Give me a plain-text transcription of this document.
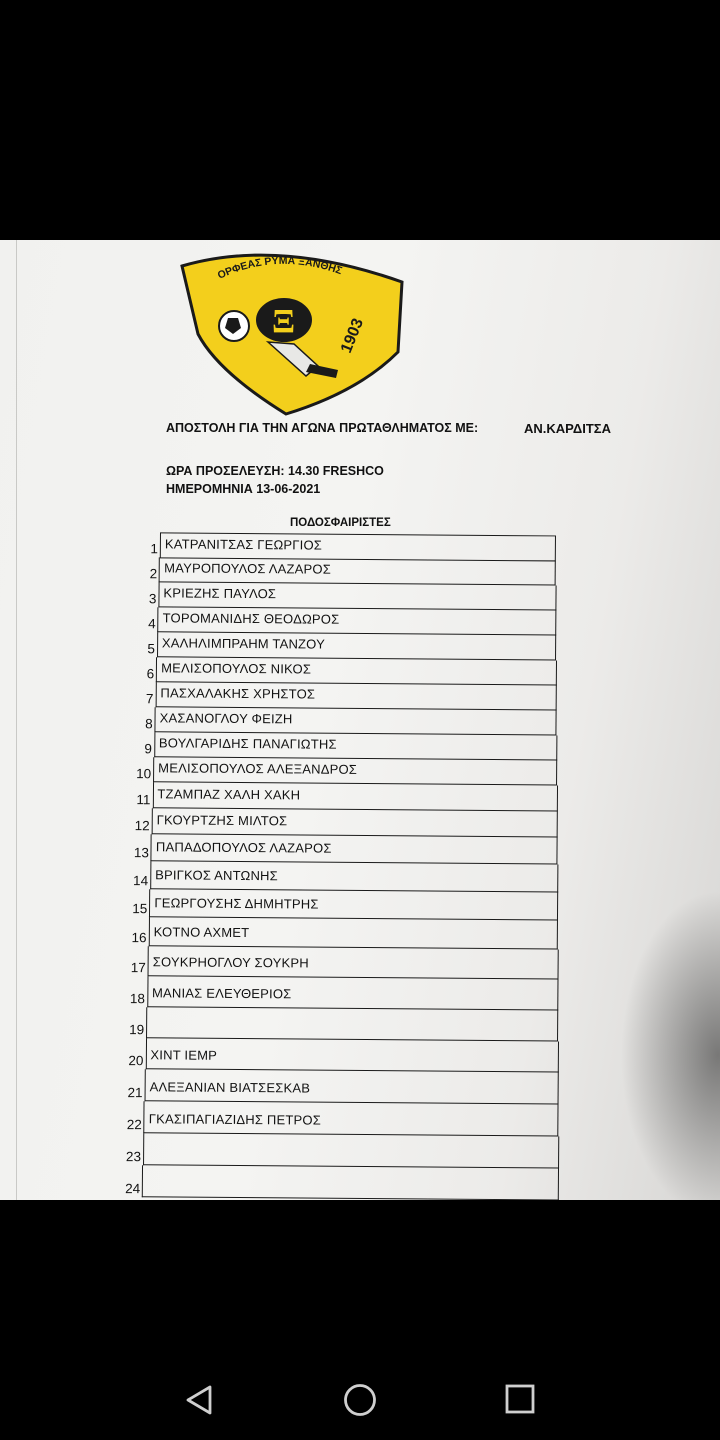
ΟΡΦΕΑΣ ΡΥΜΑ ΞΑΝΘΗΣ
Ξ	1903
ΑΠΟΣΤΟΛΗ ΓΙΑ ΤΗΝ ΑΓΩΝΑ ΠΡΩΤΑΘΛΗΜΑΤΟΣ ΜΕ:	ΑΝ.ΚΑΡΔΙΤΣΑ
ΩΡΑ ΠΡΟΣΕΛΕΥΣΗ: 14.30 FRESHCO
ΗΜΕΡΟΜΗΝΙΑ 13-06-2021
ΠΟΔΟΣΦΑΙΡΙΣΤΕΣ
1 ΚΑΤΡΑΝΙΤΣΑΣ ΓΕΩΡΓΙΟΣ
2 ΜΑΥΡΟΠΟΥΛΟΣ ΛΑΖΑΡΟΣ
3 ΚΡΙΕΖΗΣ ΠΑΥΛΟΣ
4 ΤΟΡΟΜΑΝΙΔΗΣ ΘΕΟΔΩΡΟΣ
5 ΧΑΛΗΛΙΜΠΡΑΗΜ ΤΑΝΖΟΥ
6 ΜΕΛΙΣΟΠΟΥΛΟΣ ΝΙΚΟΣ
7 ΠΑΣΧΑΛΑΚΗΣ ΧΡΗΣΤΟΣ
8 ΧΑΣΑΝΟΓΛΟΥ ΦΕΙΖΗ
9 ΒΟΥΛΓΑΡΙΔΗΣ ΠΑΝΑΓΙΩΤΗΣ
10 ΜΕΛΙΣΟΠΟΥΛΟΣ ΑΛΕΞΑΝΔΡΟΣ
11 ΤΖΑΜΠΑΖ ΧΑΛΗ ΧΑΚΗ
12 ΓΚΟΥΡΤΖΗΣ ΜΙΛΤΟΣ
13 ΠΑΠΑΔΟΠΟΥΛΟΣ ΛΑΖΑΡΟΣ
14 ΒΡΙΓΚΟΣ ΑΝΤΩΝΗΣ
15 ΓΕΩΡΓΟΥΣΗΣ ΔΗΜΗΤΡΗΣ
16 ΚΟΤΝΟ ΑΧΜΕΤ
17 ΣΟΥΚΡΗΟΓΛΟΥ ΣΟΥΚΡΗ
18 ΜΑΝΙΑΣ ΕΛΕΥΘΕΡΙΟΣ
19
20 ΧΙΝΤ ΙΕΜΡ
21 ΑΛΕΞΑΝΙΑΝ ΒΙΑΤΣΕΣΚΑΒ
22 ΓΚΑΣΙΠΑΓΙΑΖΙΔΗΣ ΠΕΤΡΟΣ
23
24
